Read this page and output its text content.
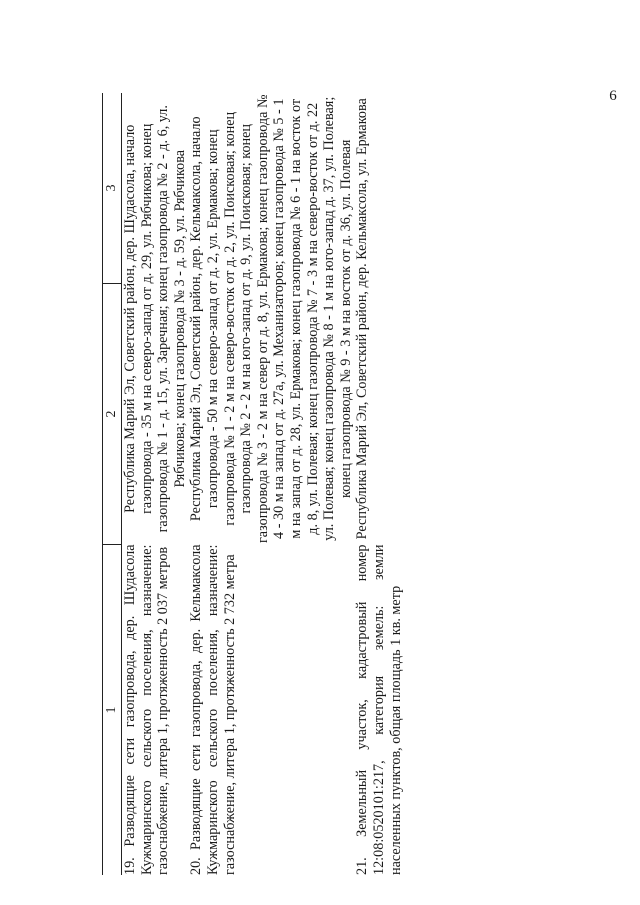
6
1	2	3
19. Разводящие сети газопровода, дер. Шудасола Кужмаринского сельского поселения, назначение: газоснабжение, литера 1, протяженность 2 037 метров	Республика Марий Эл, Советский район, дер. Шудасола, начало газопровода - 35 м на северо-запад от д. 29, ул. Рябчикова; конец газопровода № 1 - д. 15, ул. Заречная; конец газопровода № 2 - д. 6, ул. Рябчикова; конец газопровода № 3 - д. 59, ул. Рябчикова	
20. Разводящие сети газопровода, дер. Кельмаксола Кужмаринского сельского поселения, назначение: газоснабжение, литера 1, протяженность 2 732 метра	Республика Марий Эл, Советский район, дер. Кельмаксола, начало газопровода - 50 м на северо-запад от д. 2, ул. Ермакова; конец газопровода № 1 - 2 м на северо-восток от д. 2, ул. Поисковая; конец газопровода № 2 - 2 м на юго-запад от д. 9, ул. Поисковая; конец газопровода № 3 - 2 м на север от д. 8, ул. Ермакова; конец газопровода № 4 - 30 м на запад от д. 27а, ул. Механизаторов; конец газопровода № 5 - 1 м на запад от д. 28, ул. Ермакова; конец газопровода № 6 - 1 на восток от д. 8, ул. Полевая; конец газопровода № 7 - 3 м на северо-восток от д. 22 ул. Полевая; конец газопровода № 8 - 1 м на юго-запад д. 37, ул. Полевая; конец газопровода № 9 - 3 м на восток от д. 36, ул. Полевая	
21. Земельный участок, кадастровый номер 12:08:0520101:217, категория земель: земли населенных пунктов, общая площадь 1 кв. метр	Республика Марий Эл, Советский район, дер. Кельмаксола, ул. Ермакова	
